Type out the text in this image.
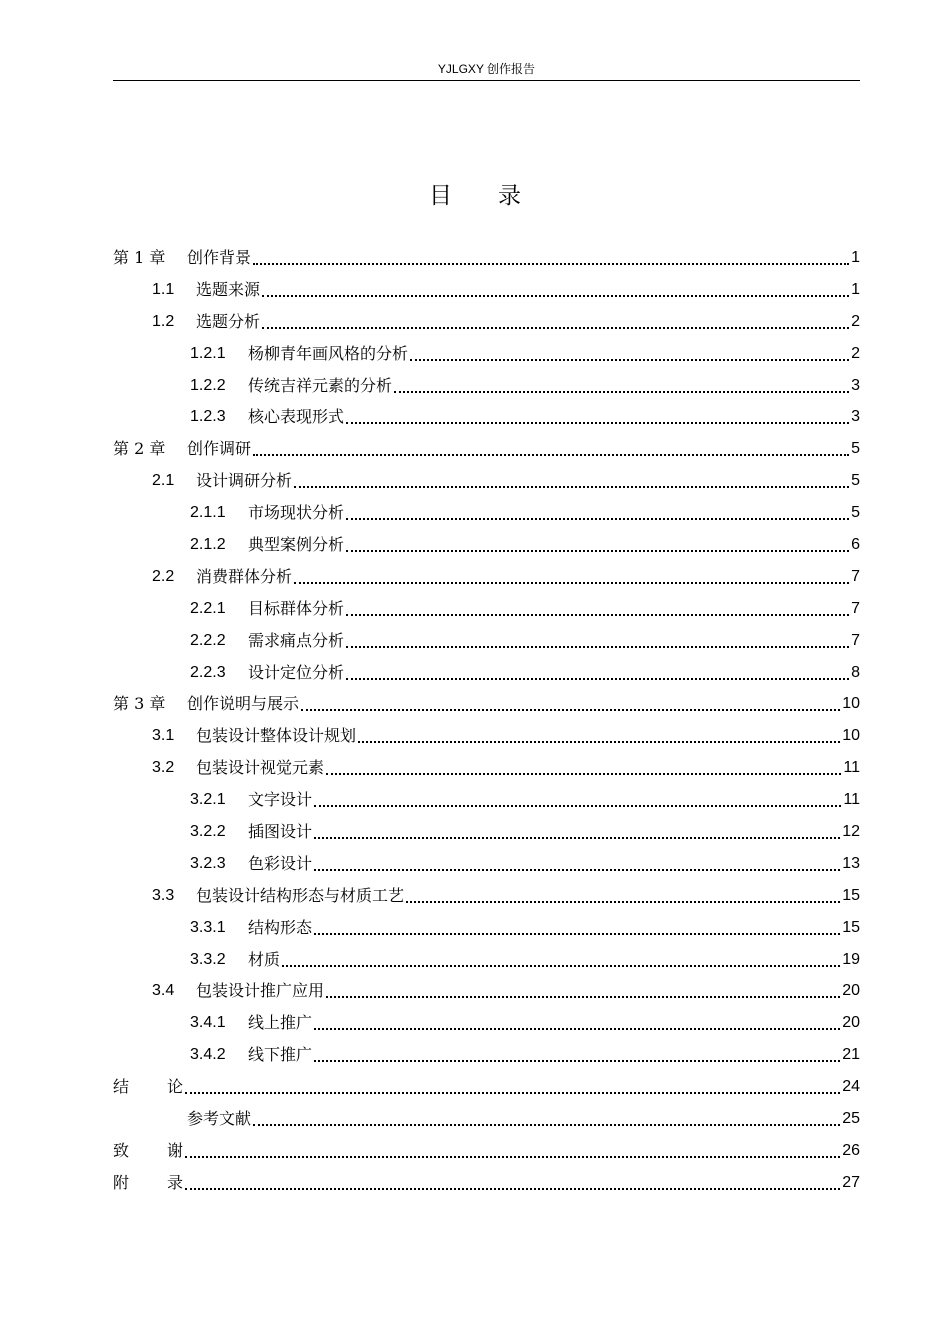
YJLGXY 创作报告
目 录
第 1 章	创作背景	1
1.1	选题来源	1
1.2	选题分析	2
1.2.1	杨柳青年画风格的分析	2
1.2.2	传统吉祥元素的分析	3
1.2.3	核心表现形式	3
第 2 章	创作调研	5
2.1	设计调研分析	5
2.1.1	市场现状分析	5
2.1.2	典型案例分析	6
2.2	消费群体分析	7
2.2.1	目标群体分析	7
2.2.2	需求痛点分析	7
2.2.3	设计定位分析	8
第 3 章	创作说明与展示	10
3.1	包装设计整体设计规划	10
3.2	包装设计视觉元素	11
3.2.1	文字设计	11
3.2.2	插图设计	12
3.2.3	色彩设计	13
3.3	包装设计结构形态与材质工艺	15
3.3.1	结构形态	15
3.3.2	材质	19
3.4	包装设计推广应用	20
3.4.1	线上推广	20
3.4.2	线下推广	21
结论	24
参考文献	25
致谢	26
附录	27
